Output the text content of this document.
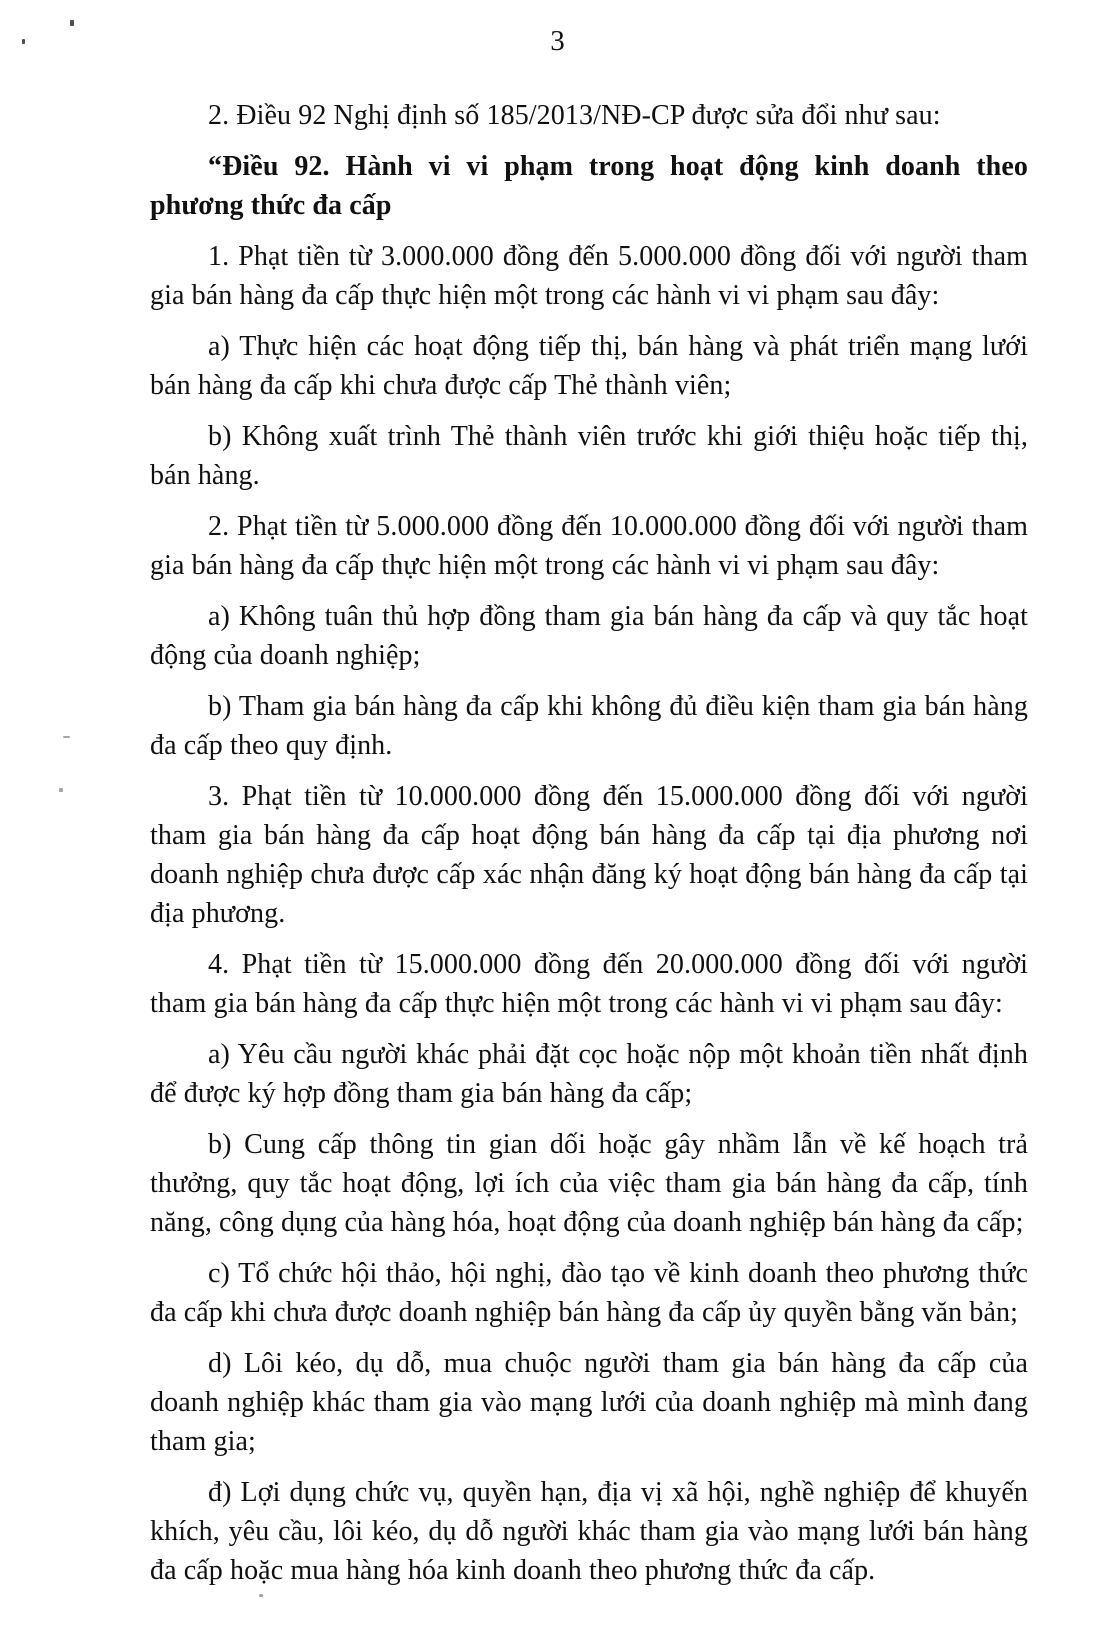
3

2. Điều 92 Nghị định số 185/2013/NĐ-CP được sửa đổi như sau:

“Điều 92. Hành vi vi phạm trong hoạt động kinh doanh theo phương thức đa cấp

1. Phạt tiền từ 3.000.000 đồng đến 5.000.000 đồng đối với người tham gia bán hàng đa cấp thực hiện một trong các hành vi vi phạm sau đây:

a) Thực hiện các hoạt động tiếp thị, bán hàng và phát triển mạng lưới bán hàng đa cấp khi chưa được cấp Thẻ thành viên;

b) Không xuất trình Thẻ thành viên trước khi giới thiệu hoặc tiếp thị, bán hàng.

2. Phạt tiền từ 5.000.000 đồng đến 10.000.000 đồng đối với người tham gia bán hàng đa cấp thực hiện một trong các hành vi vi phạm sau đây:

a) Không tuân thủ hợp đồng tham gia bán hàng đa cấp và quy tắc hoạt động của doanh nghiệp;

b) Tham gia bán hàng đa cấp khi không đủ điều kiện tham gia bán hàng đa cấp theo quy định.

3. Phạt tiền từ 10.000.000 đồng đến 15.000.000 đồng đối với người tham gia bán hàng đa cấp hoạt động bán hàng đa cấp tại địa phương nơi doanh nghiệp chưa được cấp xác nhận đăng ký hoạt động bán hàng đa cấp tại địa phương.

4. Phạt tiền từ 15.000.000 đồng đến 20.000.000 đồng đối với người tham gia bán hàng đa cấp thực hiện một trong các hành vi vi phạm sau đây:

a) Yêu cầu người khác phải đặt cọc hoặc nộp một khoản tiền nhất định để được ký hợp đồng tham gia bán hàng đa cấp;

b) Cung cấp thông tin gian dối hoặc gây nhầm lẫn về kế hoạch trả thưởng, quy tắc hoạt động, lợi ích của việc tham gia bán hàng đa cấp, tính năng, công dụng của hàng hóa, hoạt động của doanh nghiệp bán hàng đa cấp;

c) Tổ chức hội thảo, hội nghị, đào tạo về kinh doanh theo phương thức đa cấp khi chưa được doanh nghiệp bán hàng đa cấp ủy quyền bằng văn bản;

d) Lôi kéo, dụ dỗ, mua chuộc người tham gia bán hàng đa cấp của doanh nghiệp khác tham gia vào mạng lưới của doanh nghiệp mà mình đang tham gia;

đ) Lợi dụng chức vụ, quyền hạn, địa vị xã hội, nghề nghiệp để khuyến khích, yêu cầu, lôi kéo, dụ dỗ người khác tham gia vào mạng lưới bán hàng đa cấp hoặc mua hàng hóa kinh doanh theo phương thức đa cấp.
